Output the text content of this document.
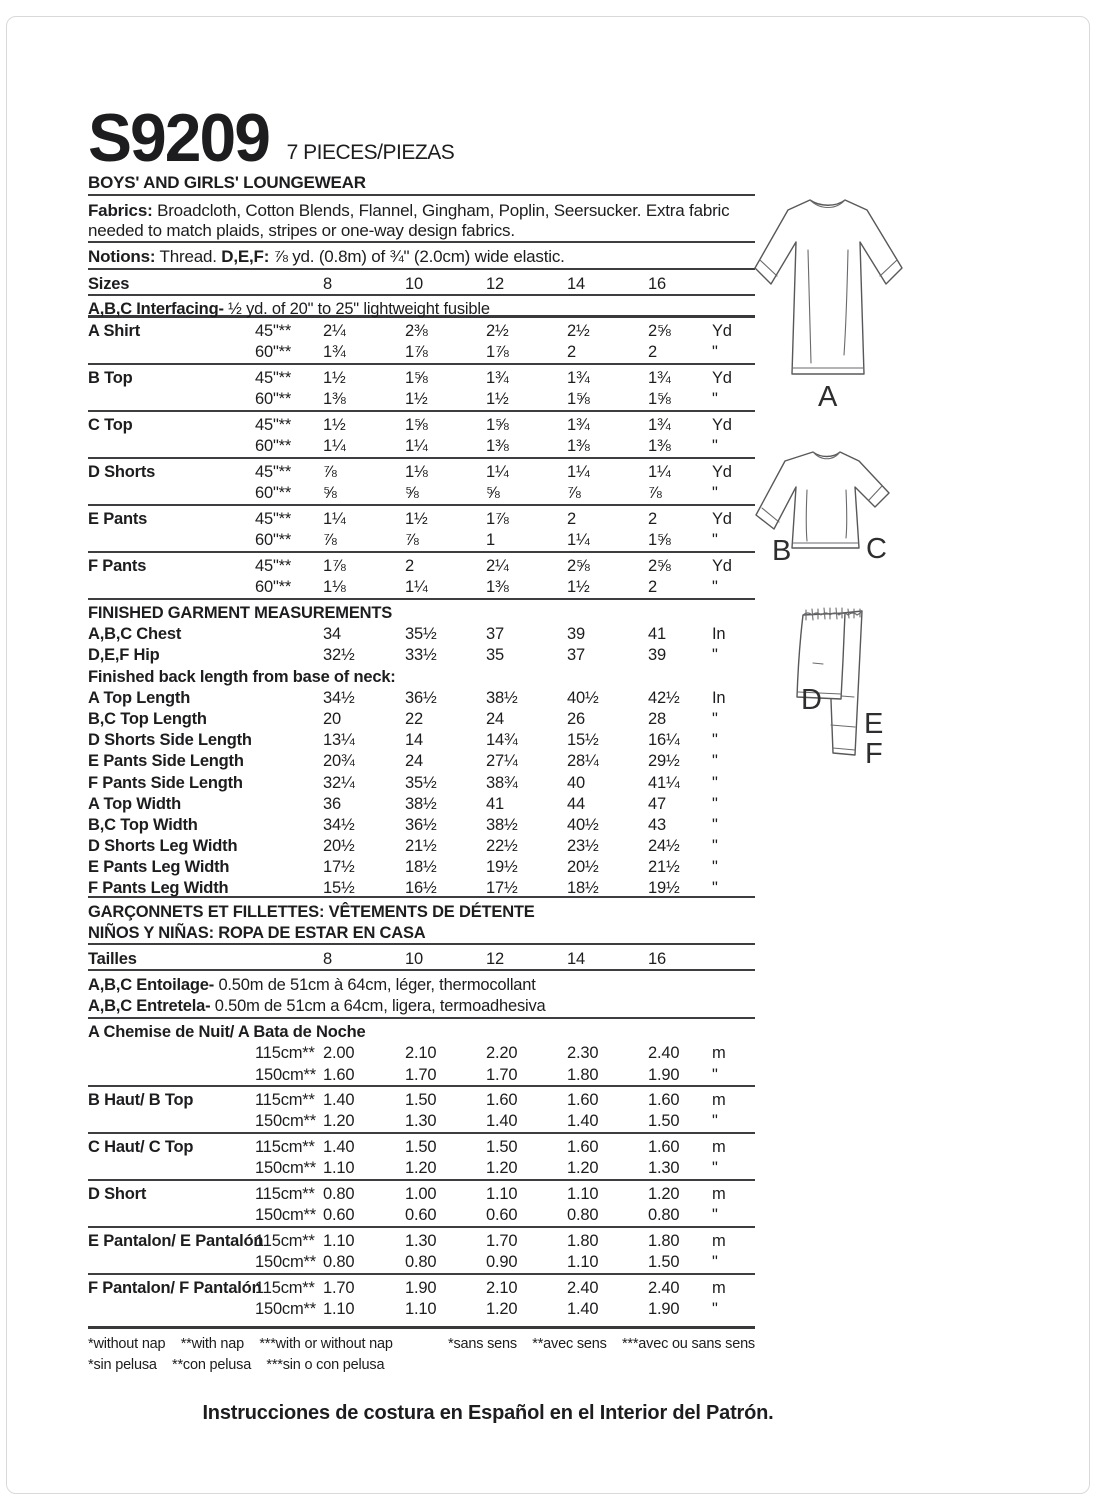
S9209 7 PIECES/PIEZAS
BOYS' AND GIRLS' LOUNGEWEAR

Fabrics: Broadcloth, Cotton Blends, Flannel, Gingham, Poplin, Seersucker. Extra fabric needed to match plaids, stripes or one-way design fabrics.

Notions: Thread. D,E,F: ⅞ yd. (0.8m) of ¾" (2.0cm) wide elastic.

Sizes	8	10	12	14	16
A,B,C Interfacing- ½ yd. of 20" to 25" lightweight fusible
A Shirt	45"**	2¼	2⅜	2½	2½	2⅝	Yd
60"**	1¾	1⅞	1⅞	2	2	"
B Top	45"**	1½	1⅝	1¾	1¾	1¾	Yd
60"**	1⅜	1½	1½	1⅝	1⅝	"
C Top	45"**	1½	1⅝	1⅝	1¾	1¾	Yd
60"**	1¼	1¼	1⅜	1⅜	1⅜	"
D Shorts	45"**	⅞	1⅛	1¼	1¼	1¼	Yd
60"**	⅝	⅝	⅝	⅞	⅞	"
E Pants	45"**	1¼	1½	1⅞	2	2	Yd
60"**	⅞	⅞	1	1¼	1⅝	"
F Pants	45"**	1⅞	2	2¼	2⅝	2⅝	Yd
60"**	1⅛	1¼	1⅜	1½	2	"
FINISHED GARMENT MEASUREMENTS
A,B,C Chest	34	35½	37	39	41	In
D,E,F Hip	32½	33½	35	37	39	"
Finished back length from base of neck:
A Top Length	34½	36½	38½	40½	42½	In
B,C Top Length	20	22	24	26	28	"
D Shorts Side Length	13¼	14	14¾	15½	16¼	"
E Pants Side Length	20¾	24	27¼	28¼	29½	"
F Pants Side Length	32¼	35½	38¾	40	41¼	"
A Top Width	36	38½	41	44	47	"
B,C Top Width	34½	36½	38½	40½	43	"
D Shorts Leg Width	20½	21½	22½	23½	24½	"
E Pants Leg Width	17½	18½	19½	20½	21½	"
F Pants Leg Width	15½	16½	17½	18½	19½	"
GARÇONNETS ET FILLETTES: VÊTEMENTS DE DÉTENTE
NIÑOS Y NIÑAS: ROPA DE ESTAR EN CASA
Tailles	8	10	12	14	16
A,B,C Entoilage- 0.50m de 51cm à 64cm, léger, thermocollant
A,B,C Entretela- 0.50m de 51cm a 64cm, ligera, termoadhesiva
A Chemise de Nuit/ A Bata de Noche
115cm** 2.00	2.10	2.20	2.30	2.40	m
150cm** 1.60	1.70	1.70	1.80	1.90	"
B Haut/ B Top	115cm** 1.40	1.50	1.60	1.60	1.60	m
150cm** 1.20	1.30	1.40	1.40	1.50	"
C Haut/ C Top	115cm** 1.40	1.50	1.50	1.60	1.60	m
150cm** 1.10	1.20	1.20	1.20	1.30	"
D Short	115cm** 0.80	1.00	1.10	1.10	1.20	m
150cm** 0.60	0.60	0.60	0.80	0.80	"
E Pantalon/ E Pantalón
115cm** 1.10	1.30	1.70	1.80	1.80	m
150cm** 0.80	0.80	0.90	1.10	1.50	"
F Pantalon/ F Pantalón
115cm** 1.70	1.90	2.10	2.40	2.40	m
150cm** 1.10	1.10	1.20	1.40	1.90	"
*without nap    **with nap    ***with or without nap	*sans sens    **avec sens    ***avec ou sans sens
*sin pelusa    **con pelusa    ***sin o con pelusa
Instrucciones de costura en Español en el Interior del Patrón.
A
B	C
D
E
F
